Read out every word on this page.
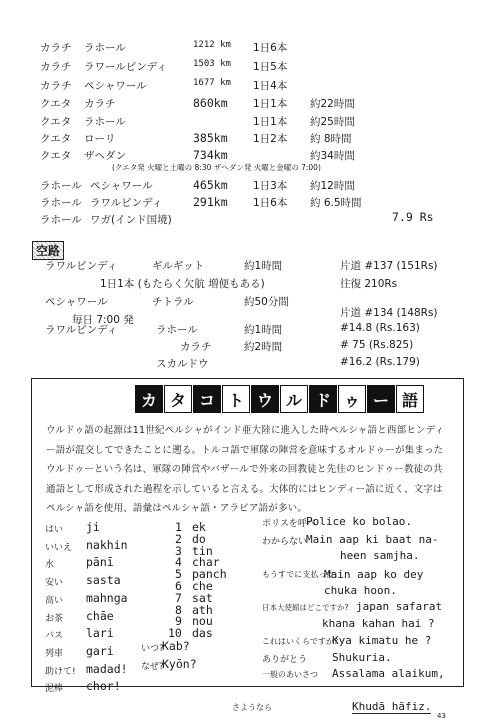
カラチ ラホール	1212 km 1日6本
カラチ ラワールピンディ	1503 km 1日5本
カラチ ペシャワール	1677 km 1日4本
クエタ カラチ	860km 1日1本 約22時間
クエタ ラホール	1日1本 約25時間
クエタ ローリ	385km 1日2本 約 8時間
クエタ ザヘダン	734km	約34時間
ラホール ペシャワール	465km 1日3本 約12時間
ラホール ラワルピンディ	291km 1日6本 約 6.5時間
ラホール ワガ(インド国境)
(クエタ発 火曜と土曜の 8:30 ザヘダン発 火曜と金曜の 7:00)
7.9 Rs
空路
ラワルピンディ	ギルギット	約1時間	片道 #137 (151Rs)
1日1本 (もたらく欠航 増便もある)	往復 210Rs
ペシャワール	チトラル	約50分間
毎日 7:00 発
片道 #134 (148Rs)
ラワルピンディ	ラホール	約1時間	#14.8 (Rs.163)
カラチ	約2時間	# 75 (Rs.825)
スカルドウ	#16.2 (Rs.179)
カ タ コ ト ウ ル ド ゥ ー 語
ウルドゥ語の起源は11世紀ペルシャがインド亜大陸に進入した時ペルシャ語と西部ヒンディー語が混交してできたことに遡る。トルコ語で軍隊の陣営を意味するオルドゥーが集まったウルドゥーという名は、軍隊の陣営やバザールで外来の回教徒と先住のヒンドゥー教徒の共通語として形成された過程を示していると言える。大体的にはヒンディー語に近く、文字はペルシャ語を使用、語彙はペルシャ語・アラビア語が多い。
はい ji
いいえ nakhin
水	pānī
安い sasta
高い mahnga
お茶 chāe
バス lari
列車 gari
助けて! madad!
泥棒 chor!
1 ek
2 do
3 tin
4 char
5 panch
6 che
7 sat
8 ath
9 nou
10 das
いつ?
Kab?
なぜ?
Kyōn?
ポリスを呼べ
Police ko bolao.
わからない
Main aap ki baat na-
heen samjha.
もうすでに支払った
Main aap ko dey
chuka hoon.
日本大使館はどこですか? japan safarat
khana kahan hai ?
これはいくらですか?
Kya kimatu he ?
ありがとう Shukuria.
一般のあいさつ Assalama alaikum,
さようなら	Khudā hāfiz.
43
